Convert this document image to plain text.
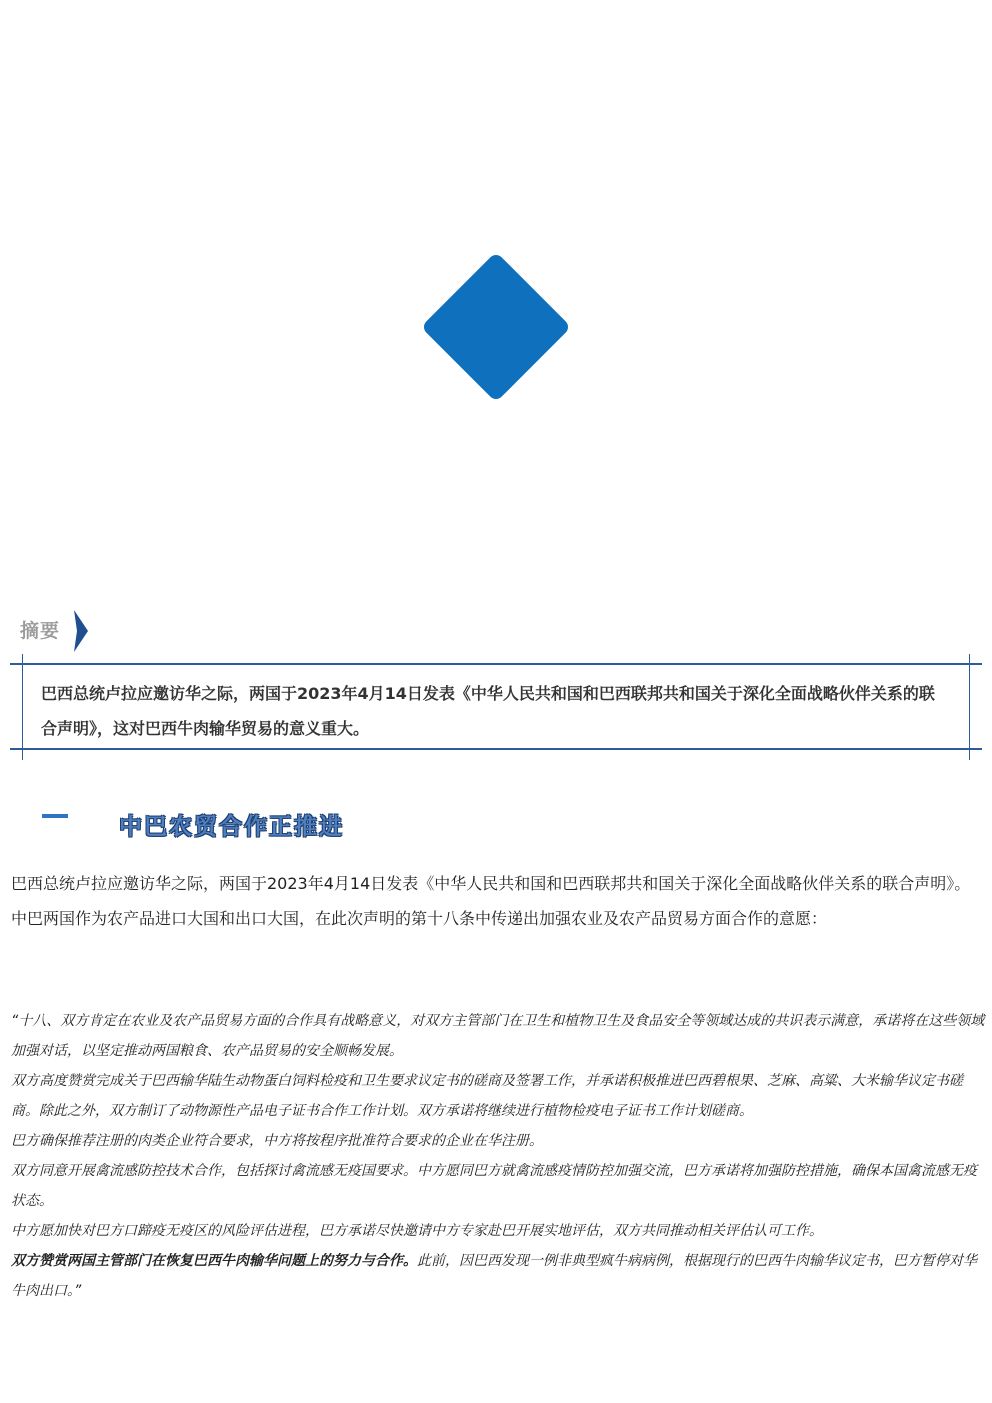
摘要
巴西总统卢拉应邀访华之际，两国于2023年4月14日发表《中华人民共和国和巴西联邦共和国关于深化全面战略伙伴关系的联合声明》，这对巴西牛肉输华贸易的意义重大。
中巴农贸合作正推进
巴西总统卢拉应邀访华之际，两国于2023年4月14日发表《中华人民共和国和巴西联邦共和国关于深化全面战略伙伴关系的联合声明》。中巴两国作为农产品进口大国和出口大国，在此次声明的第十八条中传递出加强农业及农产品贸易方面合作的意愿：

“十八、双方肯定在农业及农产品贸易方面的合作具有战略意义，对双方主管部门在卫生和植物卫生及食品安全等领域达成的共识表示满意，承诺将在这些领域加强对话，以坚定推动两国粮食、农产品贸易的安全顺畅发展。

双方高度赞赏完成关于巴西输华陆生动物蛋白饲料检疫和卫生要求议定书的磋商及签署工作，并承诺积极推进巴西碧根果、芝麻、高粱、大米输华议定书磋商。除此之外，双方制订了动物源性产品电子证书合作工作计划。双方承诺将继续进行植物检疫电子证书工作计划磋商。

巴方确保推荐注册的肉类企业符合要求，中方将按程序批准符合要求的企业在华注册。

双方同意开展禽流感防控技术合作，包括探讨禽流感无疫国要求。中方愿同巴方就禽流感疫情防控加强交流，巴方承诺将加强防控措施，确保本国禽流感无疫状态。

中方愿加快对巴方口蹄疫无疫区的风险评估进程，巴方承诺尽快邀请中方专家赴巴开展实地评估，双方共同推动相关评估认可工作。

双方赞赏两国主管部门在恢复巴西牛肉输华问题上的努力与合作。此前，因巴西发现一例非典型疯牛病病例，根据现行的巴西牛肉输华议定书，巴方暂停对华牛肉出口。”
